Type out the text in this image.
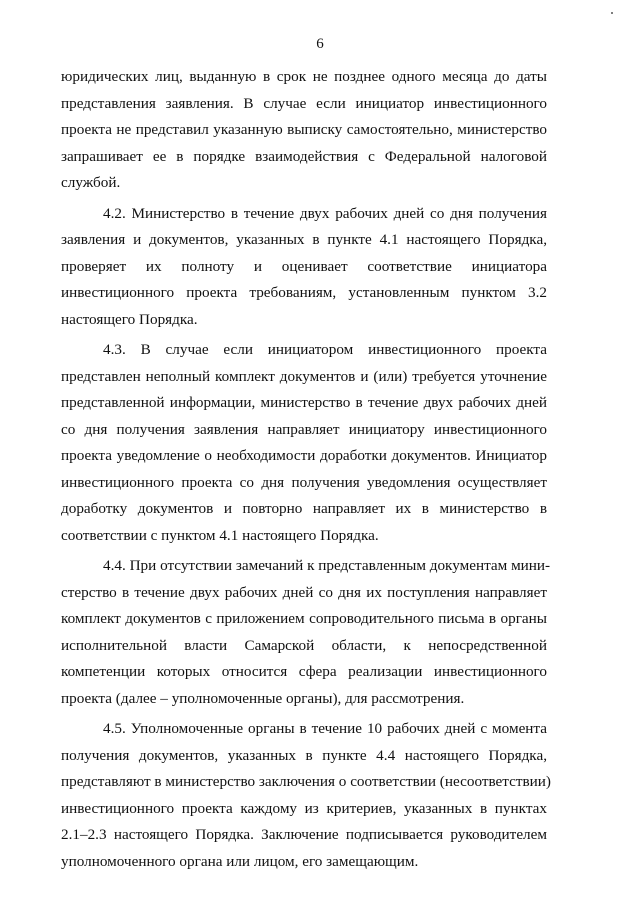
6
юридических лиц, выданную в срок не позднее одного месяца до даты
представления заявления. В случае если инициатор инвестиционного
проекта не представил указанную выписку самостоятельно, министерство
запрашивает ее в порядке взаимодействия с Федеральной налоговой
службой.
4.2. Министерство в течение двух рабочих дней со дня получения
заявления и документов, указанных в пункте 4.1 настоящего Порядка,
проверяет их полноту и оценивает соответствие инициатора
инвестиционного проекта требованиям, установленным пунктом 3.2
настоящего Порядка.
4.3. В случае если инициатором инвестиционного проекта
представлен неполный комплект документов и (или) требуется уточнение
представленной информации, министерство в течение двух рабочих дней
со дня получения заявления направляет инициатору инвестиционного
проекта уведомление о необходимости доработки документов. Инициатор
инвестиционного проекта со дня получения уведомления осуществляет
доработку документов и повторно направляет их в министерство в
соответствии с пунктом 4.1 настоящего Порядка.
4.4. При отсутствии замечаний к представленным документам мини-
стерство в течение двух рабочих дней со дня их поступления направляет
комплект документов с приложением сопроводительного письма в органы
исполнительной власти Самарской области, к непосредственной
компетенции которых относится сфера реализации инвестиционного
проекта (далее – уполномоченные органы), для рассмотрения.
4.5. Уполномоченные органы в течение 10 рабочих дней с момента
получения документов, указанных в пункте 4.4 настоящего Порядка,
представляют в министерство заключения о соответствии (несоответствии)
инвестиционного проекта каждому из критериев, указанных в пунктах
2.1–2.3 настоящего Порядка. Заключение подписывается руководителем
уполномоченного органа или лицом, его замещающим.
